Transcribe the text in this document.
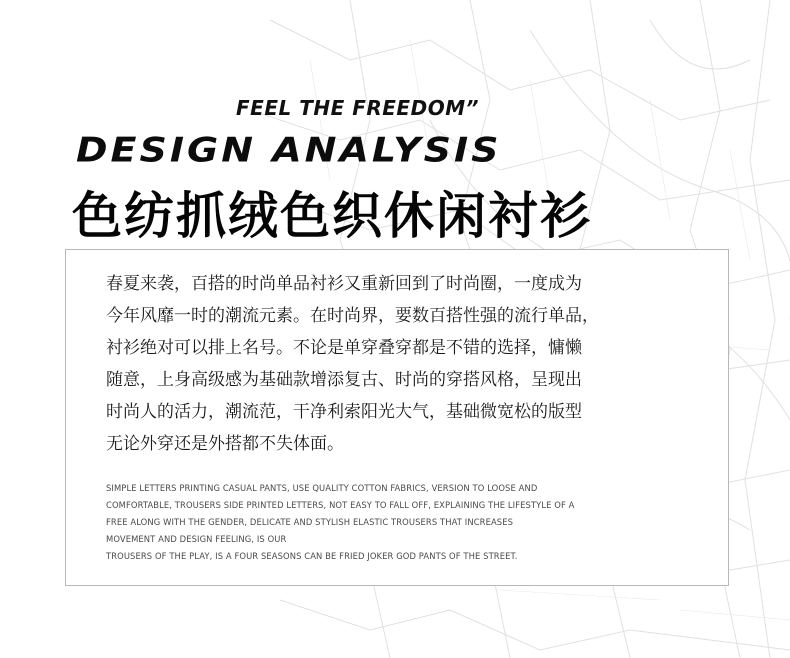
FEEL THE FREEDOM”
DESIGN ANALYSIS
色纺抓绒色织休闲衬衫
春夏来袭，百搭的时尚单品衬衫又重新回到了时尚圈，一度成为
今年风靡一时的潮流元素。在时尚界，要数百搭性强的流行单品，
衬衫绝对可以排上名号。不论是单穿叠穿都是不错的选择，慵懒
随意，上身高级感为基础款增添复古、时尚的穿搭风格，呈现出
时尚人的活力，潮流范，干净利索阳光大气，基础微宽松的版型
无论外穿还是外搭都不失体面。
SIMPLE LETTERS PRINTING CASUAL PANTS, USE QUALITY COTTON FABRICS, VERSION TO LOOSE AND
COMFORTABLE, TROUSERS SIDE PRINTED LETTERS, NOT EASY TO FALL OFF, EXPLAINING THE LIFESTYLE OF A
FREE ALONG WITH THE GENDER, DELICATE AND STYLISH ELASTIC TROUSERS THAT INCREASES
MOVEMENT AND DESIGN FEELING, IS OUR
TROUSERS OF THE PLAY, IS A FOUR SEASONS CAN BE FRIED JOKER GOD PANTS OF THE STREET.
